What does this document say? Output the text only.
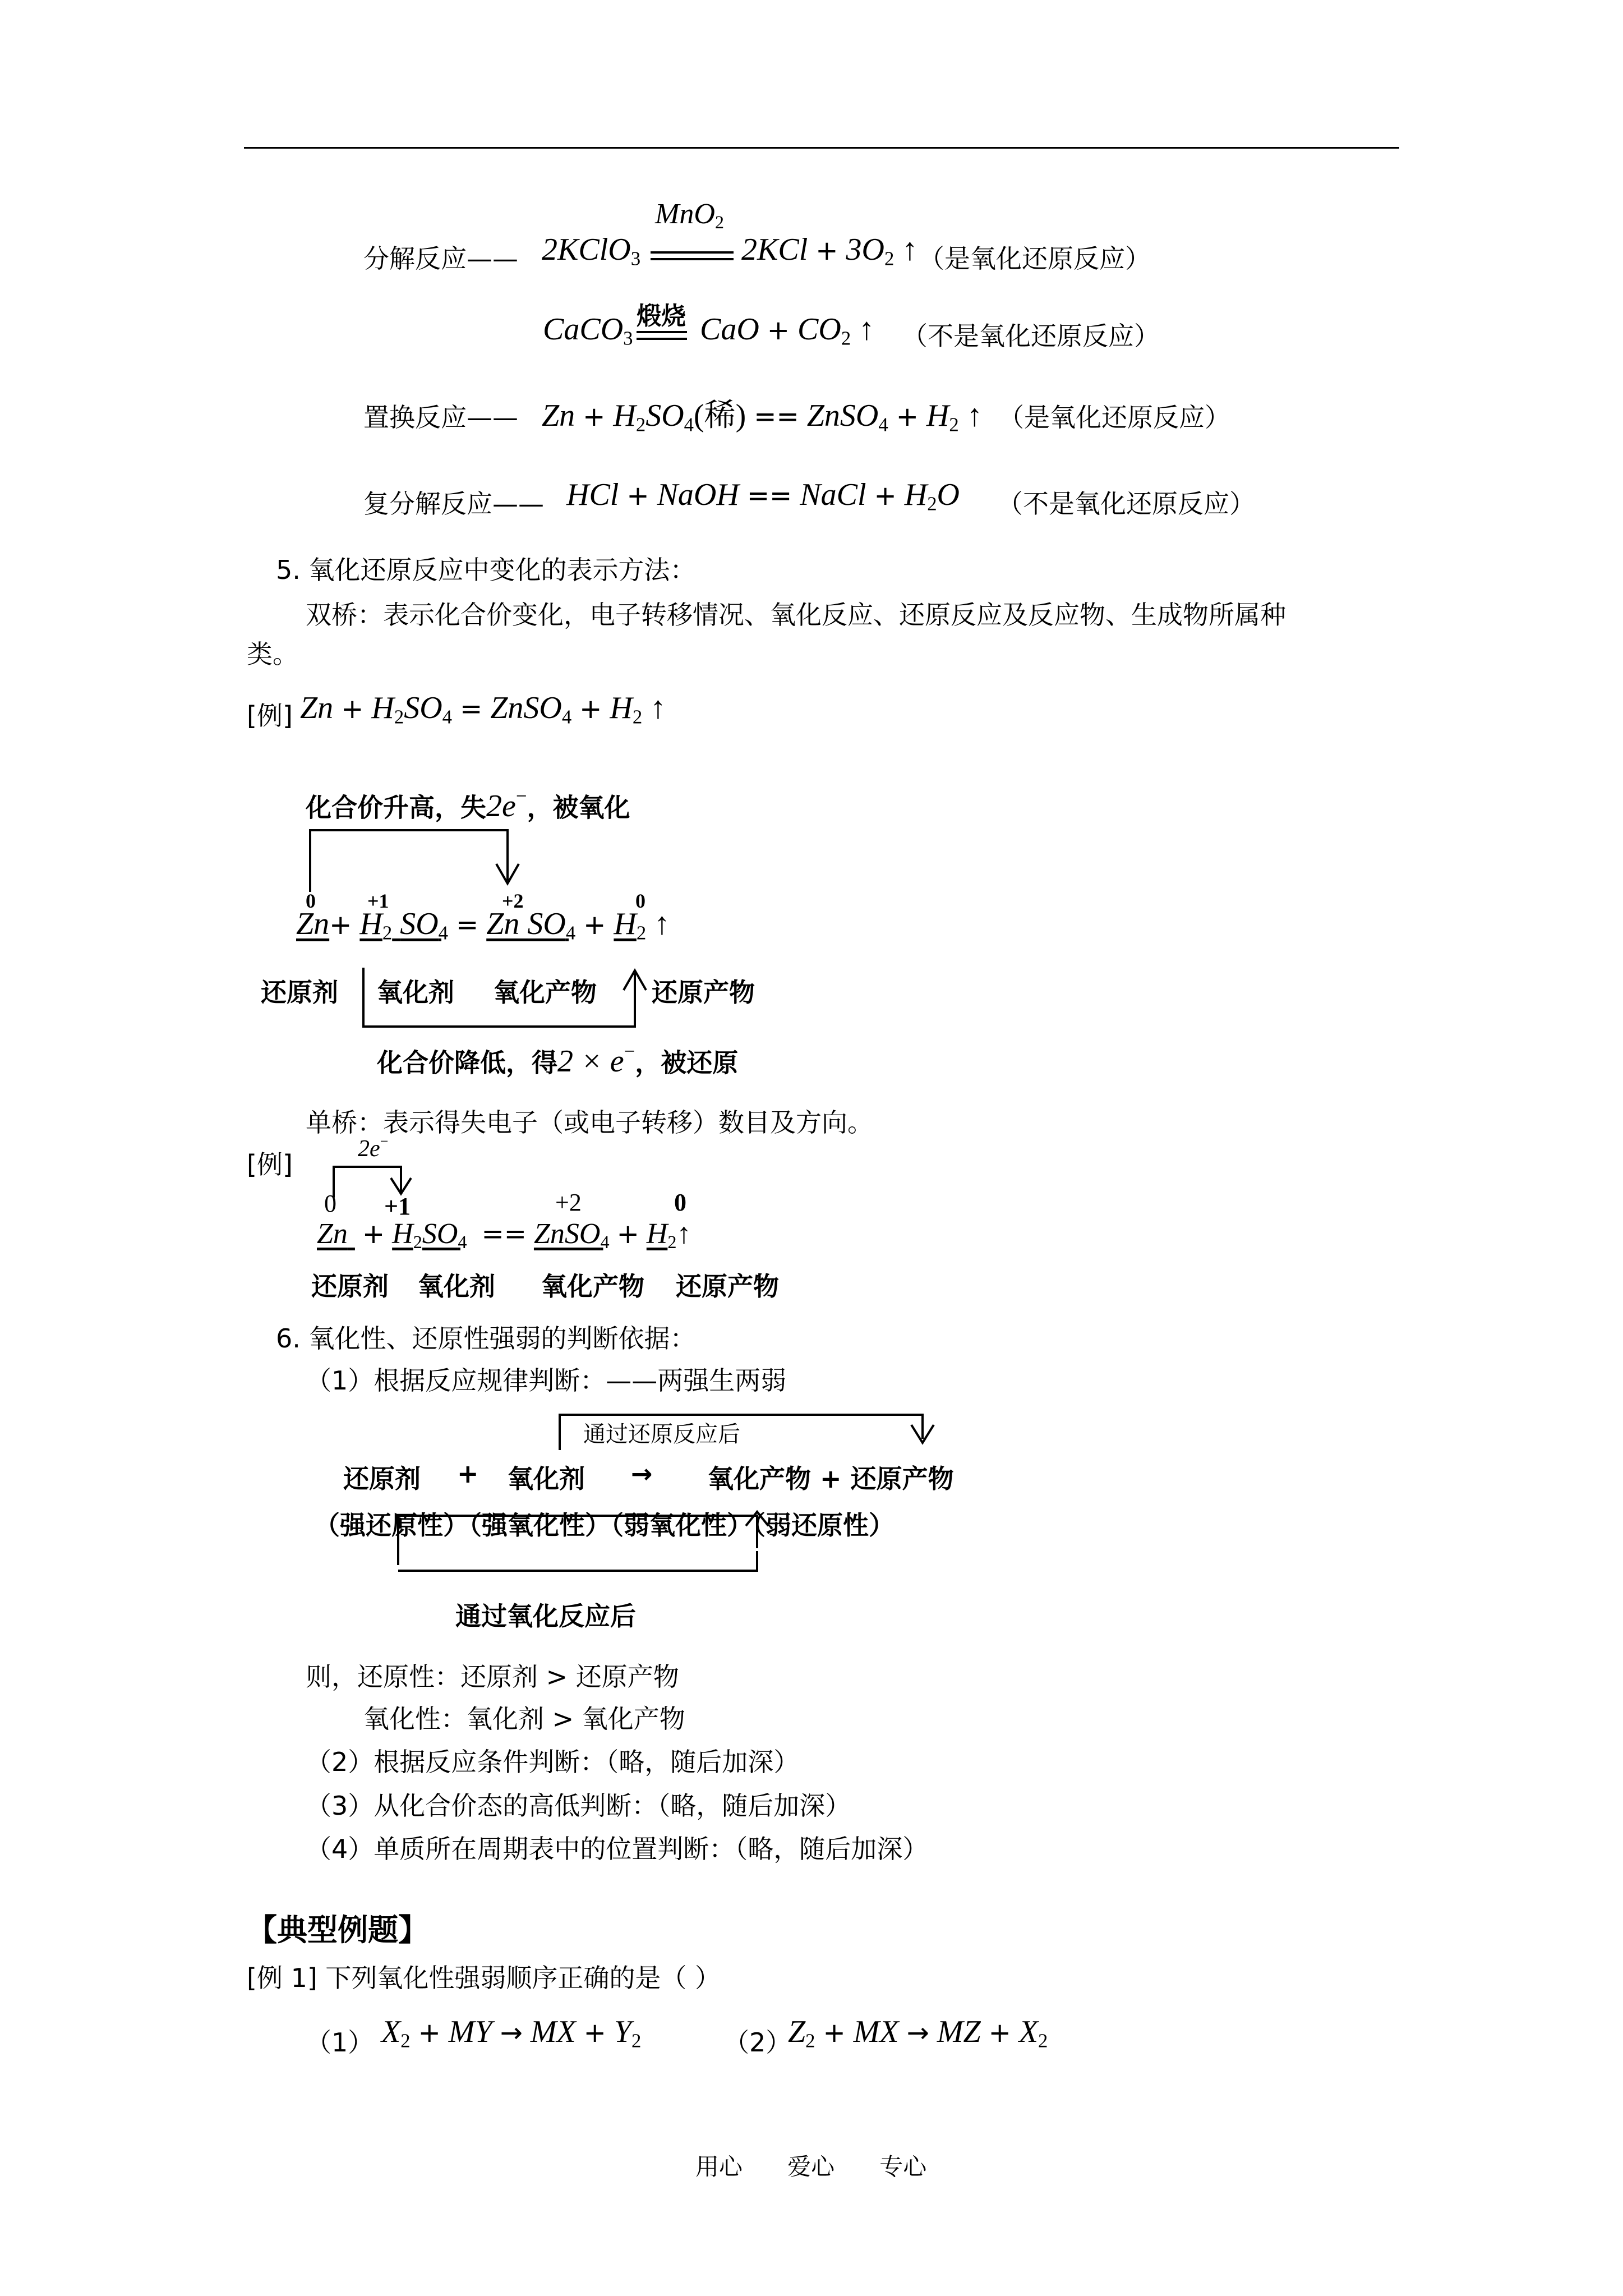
分解反应—— 2KClO$_3$
MnO$_2$
$2KCl + 3O_2$ ↑ （是氧化还原反应）
CaCO$_3$
煅烧 CaO + $CO_2$ ↑ （不是氧化还原反应）
置换反应—— $Zn + H_2SO_4$(稀) == ZnSO$_4$ + $H_2$ ↑ （是氧化还原反应）
复分解反应—— HCl + NaOH == NaCl + $H_2O$ （不是氧化还原反应）
5. 氧化还原反应中变化的表示方法：
双桥：表示化合价变化，电子转移情况、氧化反应、还原反应及反应物、生成物所属种
类。
[例] $Zn + H_2SO_4$ = ZnSO$_4$ + $H_2$ ↑
化合价升高，失2e−，被氧化
0	+1	+2	0
$Zn+ H_2$ $SO_4 = Zn$ $SO_4 + H_2$ ↑
还原剂 氧化剂 氧化产物 还原产物
化合价降低，得2 × e−，被还原
单桥：表示得失电子（或电子转移）数目及方向。
[例]
2e−
0 +1	+2	0
$Zn + H_2SO_4$ == ZnSO$_4$ + $H_2↑$
还原剂 氧化剂 氧化产物 还原产物
6. 氧化性、还原性强弱的判断依据：
（1）根据反应规律判断：——两强生两弱
通过还原反应后
还原剂 + 氧化剂 → 氧化产物 + 还原产物
（强还原性）（强氧化性）（弱氧化性）（弱还原性）
通过氧化反应后
则，还原性：还原剂 > 还原产物
氧化性：氧化剂 > 氧化产物
（2）根据反应条件判断：（略，随后加深）
（3）从化合价态的高低判断：（略，随后加深）
（4）单质所在周期表中的位置判断：（略，随后加深）
【典型例题】
[例 1] 下列氧化性强弱顺序正确的是（ ）
（1） $X_2$ + MY → MX + $Y_2$	（2）
$Z_2$ + MX → MZ + $X_2$
用心      爱心      专心
